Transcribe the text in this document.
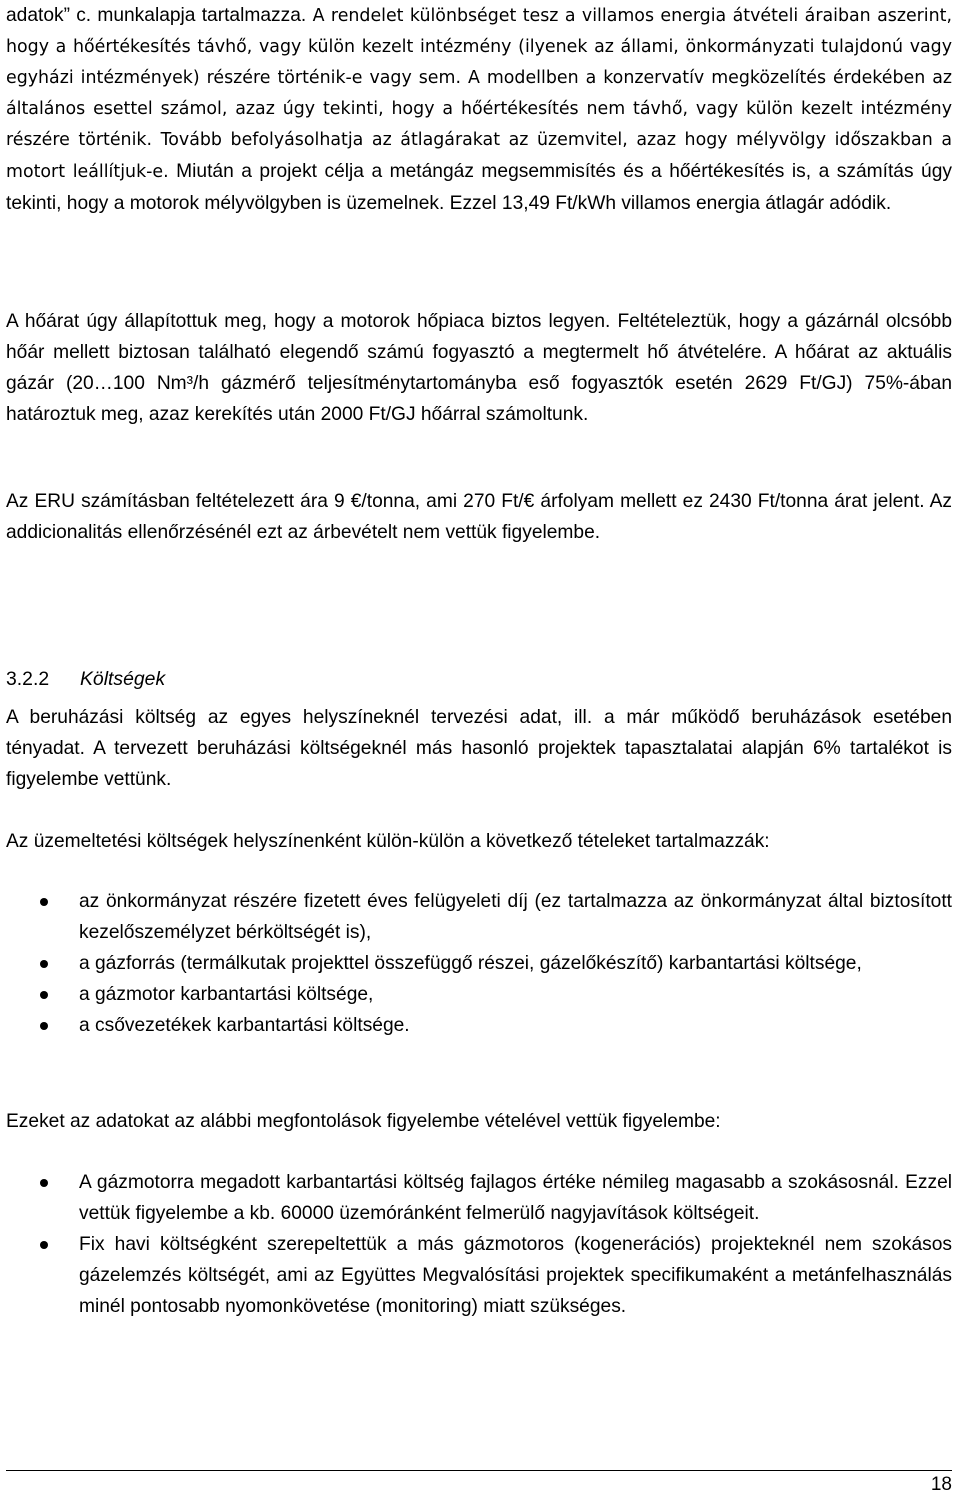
adatok” c. munkalapja tartalmazza. A rendelet különbséget tesz a villamos energia átvételi áraiban aszerint, hogy a hőértékesítés távhő, vagy külön kezelt intézmény (ilyenek az állami, önkormányzati tulajdonú vagy egyházi intézmények) részére történik-e vagy sem. A modellben a konzervatív megközelítés érdekében az általános esettel számol, azaz úgy tekinti, hogy a hőértékesítés nem távhő, vagy külön kezelt intézmény részére történik. Tovább befolyásolhatja az átlagárakat az üzemvitel, azaz hogy mélyvölgy időszakban a motort leállítjuk-e. Miután a projekt célja a metángáz megsemmisítés és a hőértékesítés is, a számítás úgy tekinti, hogy a motorok mélyvölgyben is üzemelnek. Ezzel 13,49 Ft/kWh villamos energia átlagár adódik.

A hőárat úgy állapítottuk meg, hogy a motorok hőpiaca biztos legyen. Feltételeztük, hogy a gázárnál olcsóbb hőár mellett biztosan található elegendő számú fogyasztó a megtermelt hő átvételére. A hőárat az aktuális gázár (20…100 Nm³/h gázmérő teljesítménytartományba eső fogyasztók esetén 2629 Ft/GJ) 75%-ában határoztuk meg, azaz kerekítés után 2000 Ft/GJ hőárral számoltunk.

Az ERU számításban feltételezett ára 9 €/tonna, ami 270 Ft/€ árfolyam mellett ez 2430 Ft/tonna árat jelent. Az addicionalitás ellenőrzésénél ezt az árbevételt nem vettük figyelembe.

3.2.2 Költségek

A beruházási költség az egyes helyszíneknél tervezési adat, ill. a már működő beruházások esetében tényadat. A tervezett beruházási költségeknél más hasonló projektek tapasztalatai alapján 6% tartalékot is figyelembe vettünk.

Az üzemeltetési költségek helyszínenként külön-külön a következő tételeket tartalmazzák:

az önkormányzat részére fizetett éves felügyeleti díj (ez tartalmazza az önkormányzat által biztosított kezelőszemélyzet bérköltségét is),
a gázforrás (termálkutak projekttel összefüggő részei, gázelőkészítő) karbantartási költsége,
a gázmotor karbantartási költsége,
a csővezetékek karbantartási költsége.

Ezeket az adatokat az alábbi megfontolások figyelembe vételével vettük figyelembe:

A gázmotorra megadott karbantartási költség fajlagos értéke némileg magasabb a szokásosnál. Ezzel vettük figyelembe a kb. 60000 üzemóránként felmerülő nagyjavítások költségeit.
Fix havi költségként szerepeltettük a más gázmotoros (kogenerációs) projekteknél nem szokásos gázelemzés költségét, ami az Együttes Megvalósítási projektek specifikumaként a metánfelhasználás minél pontosabb nyomonkövetése (monitoring) miatt szükséges.
18
